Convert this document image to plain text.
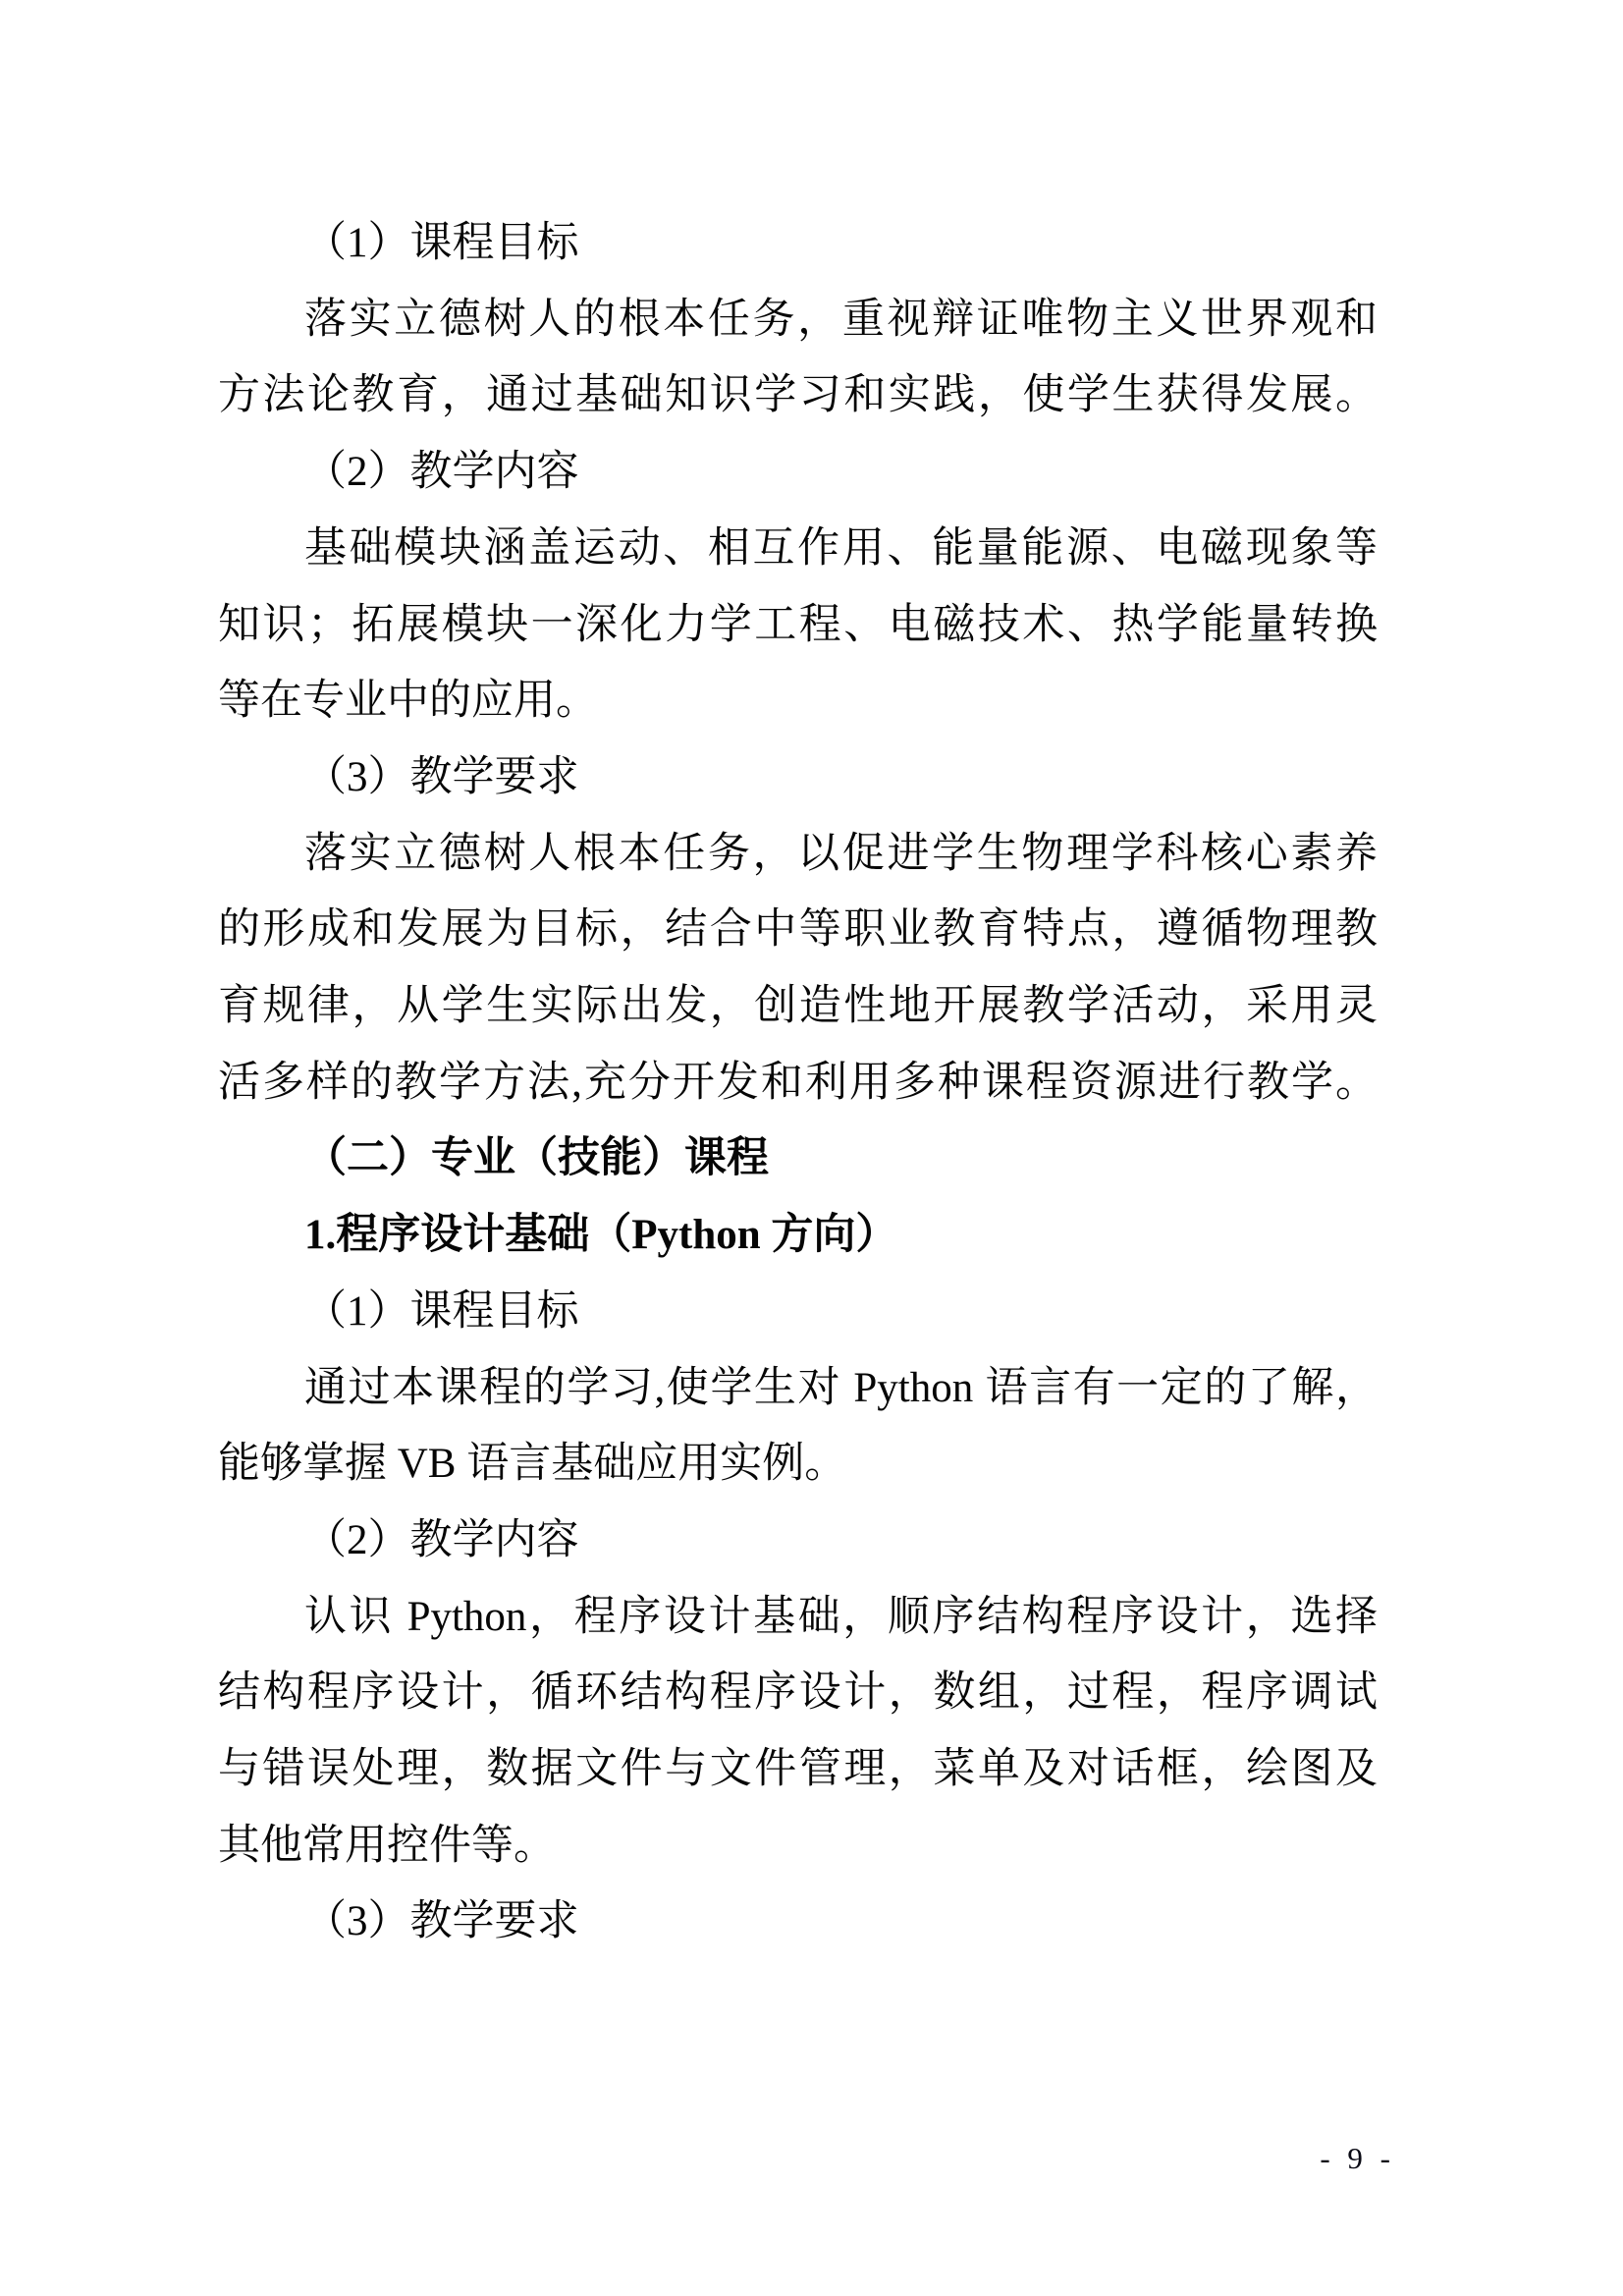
（1）课程目标
落实立德树人的根本任务，重视辩证唯物主义世界观和
方法论教育，通过基础知识学习和实践，使学生获得发展。
（2）教学内容
基础模块涵盖运动、相互作用、能量能源、电磁现象等
知识；拓展模块一深化力学工程、电磁技术、热学能量转换
等在专业中的应用。
（3）教学要求
落实立德树人根本任务，以促进学生物理学科核心素养
的形成和发展为目标，结合中等职业教育特点，遵循物理教
育规律，从学生实际出发，创造性地开展教学活动，采用灵
活多样的教学方法,充分开发和利用多种课程资源进行教学。
（二）专业（技能）课程
1.程序设计基础（Python 方向）
（1）课程目标
通过本课程的学习,使学生对 Python 语言有一定的了解，
能够掌握 VB 语言基础应用实例。
（2）教学内容
认识 Python，程序设计基础，顺序结构程序设计，选择
结构程序设计，循环结构程序设计，数组，过程，程序调试
与错误处理，数据文件与文件管理，菜单及对话框，绘图及
其他常用控件等。
（3）教学要求
- 9 -
